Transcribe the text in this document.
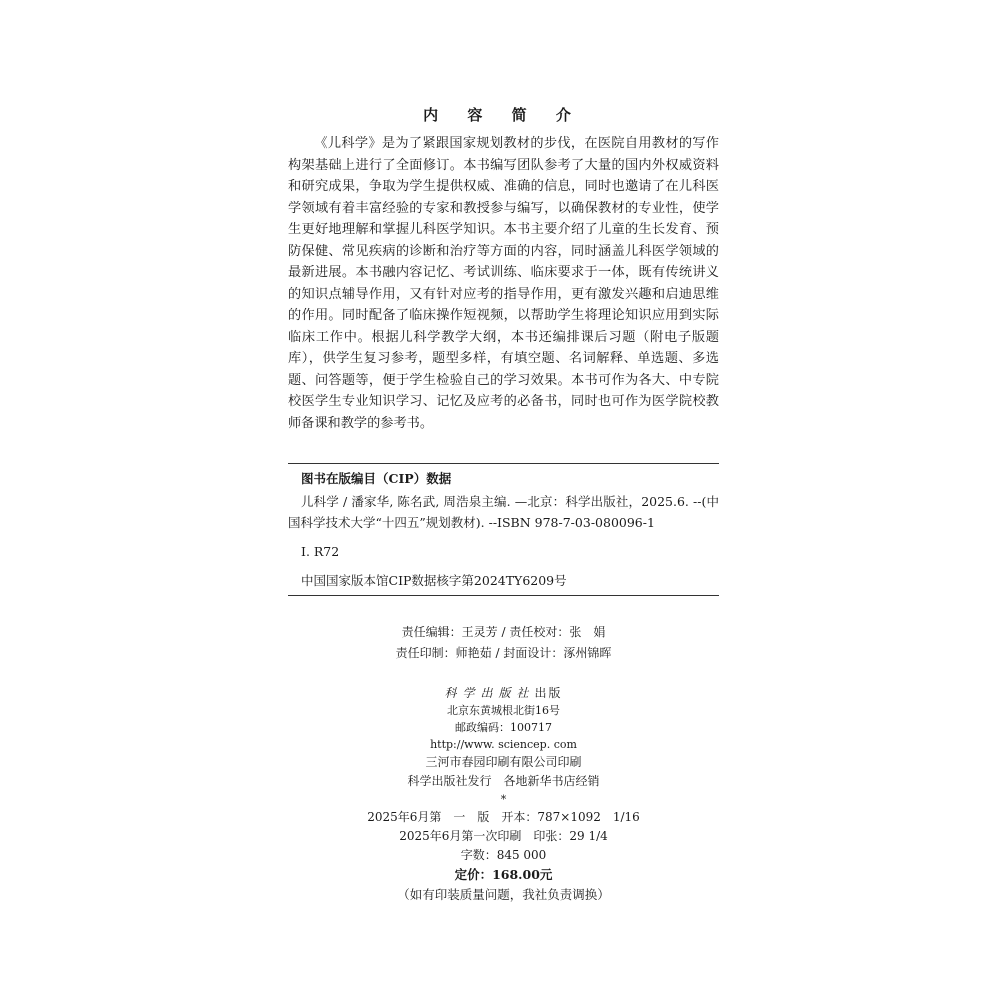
内 容 简 介

《儿科学》是为了紧跟国家规划教材的步伐，在医院自用教材的写作构架基础上进行了全面修订。本书编写团队参考了大量的国内外权威资料和研究成果，争取为学生提供权威、准确的信息，同时也邀请了在儿科医学领域有着丰富经验的专家和教授参与编写，以确保教材的专业性，使学生更好地理解和掌握儿科医学知识。本书主要介绍了儿童的生长发育、预防保健、常见疾病的诊断和治疗等方面的内容，同时涵盖儿科医学领域的最新进展。本书融内容记忆、考试训练、临床要求于一体，既有传统讲义的知识点辅导作用，又有针对应考的指导作用，更有激发兴趣和启迪思维的作用。同时配备了临床操作短视频，以帮助学生将理论知识应用到实际临床工作中。根据儿科学教学大纲，本书还编排课后习题（附电子版题库），供学生复习参考，题型多样，有填空题、名词解释、单选题、多选题、问答题等，便于学生检验自己的学习效果。本书可作为各大、中专院校医学生专业知识学习、记忆及应考的必备书，同时也可作为医学院校教师备课和教学的参考书。

图书在版编目（CIP）数据
儿科学 / 潘家华, 陈名武, 周浩泉主编. —北京：科学出版社，2025.6. --(中国科学技术大学“十四五”规划教材). --ISBN 978-7-03-080096-1
Ⅰ. R72
中国国家版本馆CIP数据核字第2024TY6209号
责任编辑：王灵芳 / 责任校对：张　娟
责任印制：师艳茹 / 封面设计：涿州锦晖
科学出版社出版
北京东黄城根北街16号
邮政编码：100717
http://www. sciencep. com
三河市春园印刷有限公司印刷
科学出版社发行　各地新华书店经销
*
2025年6月第　一　版　开本：787×1092　1/16
2025年6月第一次印刷　印张：29 1/4
字数：845 000
定价：168.00元
（如有印装质量问题，我社负责调换）
